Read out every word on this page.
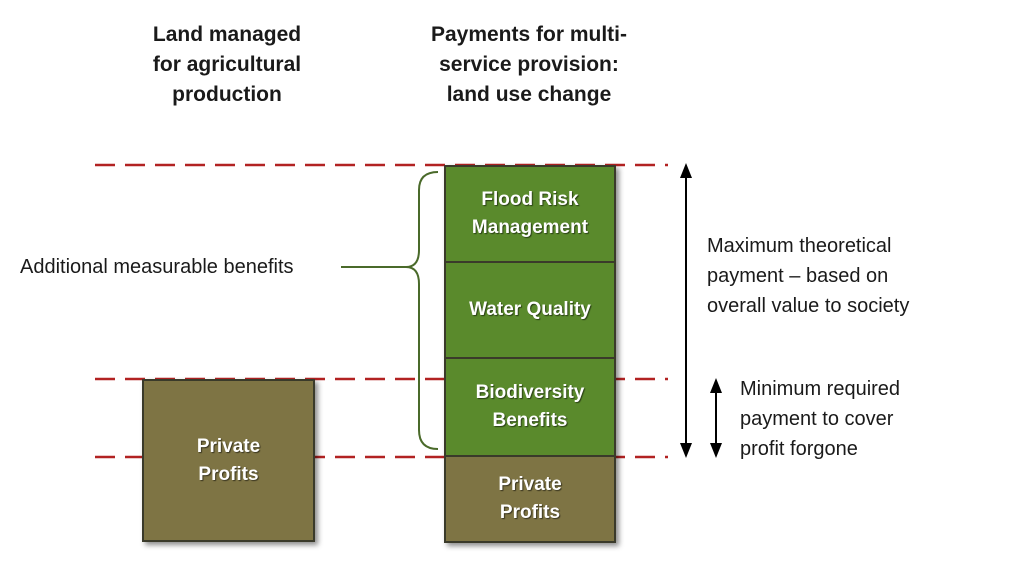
Land managed
for agricultural
production
Payments for multi-
service provision:
land use change
Private
Profits
Flood Risk
Management
Water Quality
Biodiversity
Benefits
Private
Profits
Additional measurable benefits
Maximum theoretical
payment – based on
overall value to society
Minimum required
payment to cover
profit forgone
